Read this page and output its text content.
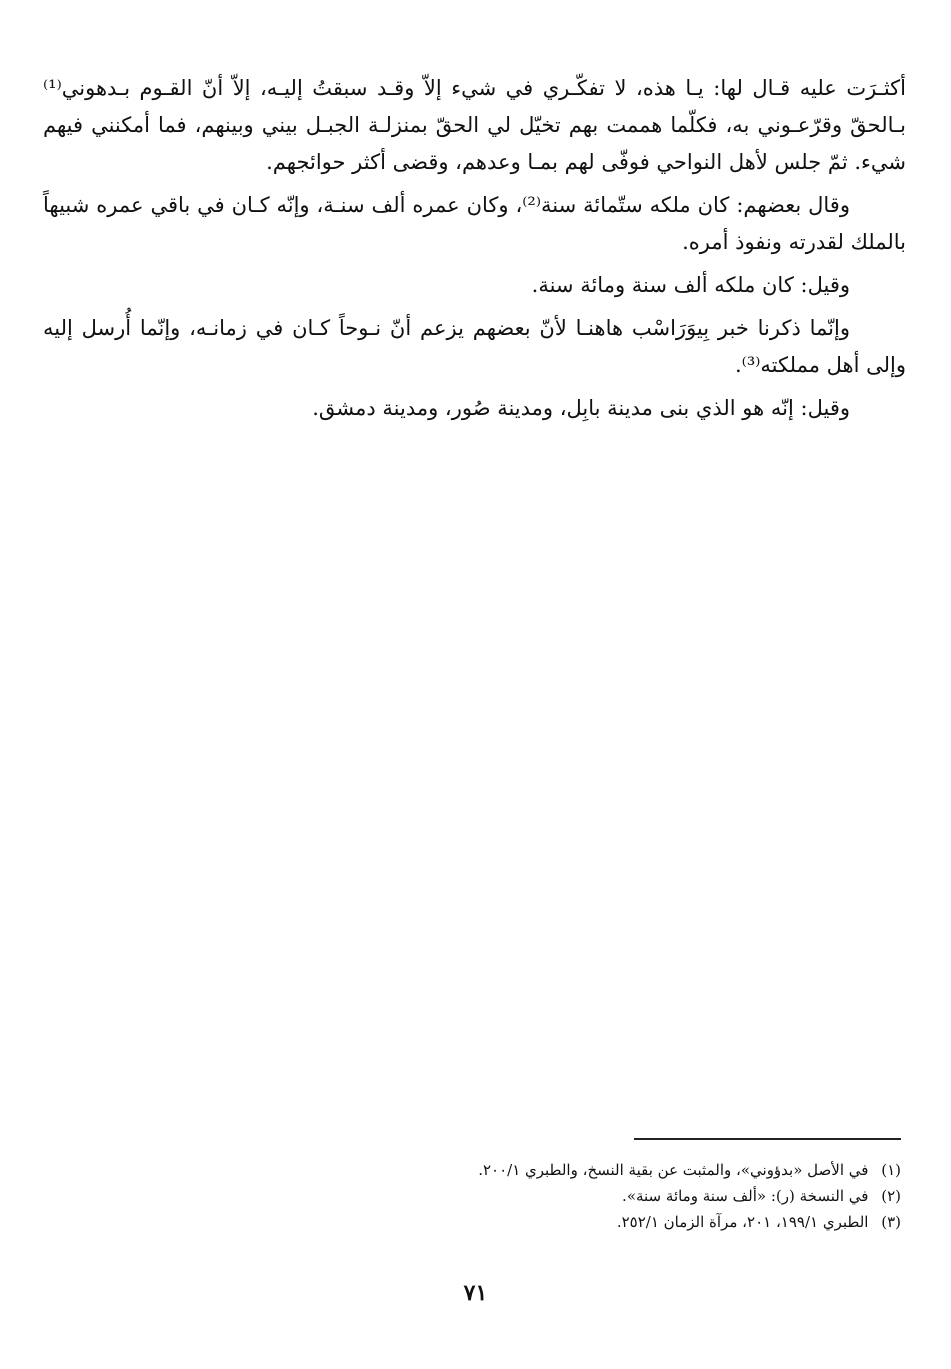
أكثـرَت عليه قـال لها: يـا هذه، لا تفكّـري في شيء إلاّ وقـد سبقتُ إليـه، إلاّ أنّ القـوم بـدهوني⁽¹⁾ بـالحقّ وقرّعـوني به، فكلّما هممت بهم تخيّل لي الحقّ بمنزلـة الجبـل بيني وبينهم، فما أمكنني فيهم شيء. ثمّ جلس لأهل النواحي فوفّى لهم بمـا وعدهم، وقضى أكثر حوائجهم.

وقال بعضهم: كان ملكه ستّمائة سنة⁽²⁾، وكان عمره ألف سنـة، وإنّه كـان في باقي عمره شبيهاً بالملك لقدرته ونفوذ أمره.

وقيل: كان ملكه ألف سنة ومائة سنة.

وإنّما ذكرنا خبر بِيوَرَاسْب هاهنـا لأنّ بعضهم يزعم أنّ نـوحاً كـان في زمانـه، وإنّما أُرسل إليه وإلى أهل مملكته⁽³⁾.

وقيل: إنّه هو الذي بنى مدينة بابِل، ومدينة صُور، ومدينة دمشق.

(١) في الأصل «بدؤوني»، والمثبت عن بقية النسخ، والطبري ٢٠٠/١.

(٢) في النسخة (ر): «ألف سنة ومائة سنة».

(٣) الطبري ١٩٩/١، ٢٠١، مرآة الزمان ٢٥٢/١.

٧١
